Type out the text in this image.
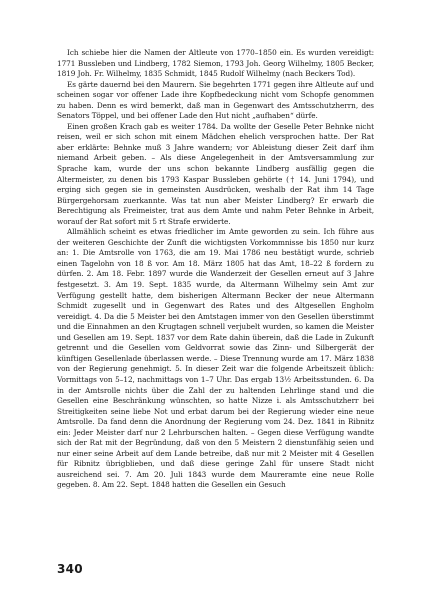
Ich schiebe hier die Namen der Altleute von 1770–1850 ein. Es wurden vereidigt: 1771 Bussleben und Lindberg, 1782 Siemon, 1793 Joh. Georg Wilhelmy, 1805 Becker, 1819 Joh. Fr. Wilhelmy, 1835 Schmidt, 1845 Rudolf Wilhelmy (nach Beckers Tod).

Es gärte dauernd bei den Maurern. Sie begehrten 1771 gegen ihre Altleute auf und scheinen sogar vor offener Lade ihre Kopfbedeckung nicht vom Schopfe genommen zu haben. Denn es wird bemerkt, daß man in Gegenwart des Amtsschutzherrn, des Senators Töppel, und bei offener Lade den Hut nicht „aufhaben“ dürfe.

Einen großen Krach gab es weiter 1784. Da wollte der Geselle Peter Behnke nicht reisen, weil er sich schon mit einem Mädchen ehelich versprochen hatte. Der Rat aber erklärte: Behnke muß 3 Jahre wandern; vor Ableistung dieser Zeit darf ihm niemand Arbeit geben. – Als diese Angelegenheit in der Amtsversammlung zur Sprache kam, wurde der uns schon bekannte Lindberg ausfällig gegen die Altermeister, zu denen bis 1793 Kaspar Bussleben gehörte († 14. Juni 1794), und erging sich gegen sie in gemeinsten Ausdrücken, weshalb der Rat ihm 14 Tage Bürgergehorsam zuerkannte. Was tat nun aber Meister Lindberg? Er erwarb die Berechtigung als Freimeister, trat aus dem Amte und nahm Peter Behnke in Arbeit, worauf der Rat sofort mit 5 rt Strafe erwiderte.

Allmählich scheint es etwas friedlicher im Amte geworden zu sein. Ich führe aus der weiteren Geschichte der Zunft die wichtigsten Vorkommnisse bis 1850 nur kurz an: 1. Die Amtsrolle von 1763, die am 19. Mai 1786 neu bestätigt wurde, schrieb einen Tagelohn von 18 ß vor. Am 18. März 1805 hat das Amt, 18–22 ß fordern zu dürfen. 2. Am 18. Febr. 1897 wurde die Wanderzeit der Gesellen erneut auf 3 Jahre festgesetzt. 3. Am 19. Sept. 1835 wurde, da Altermann Wilhelmy sein Amt zur Verfügung gestellt hatte, dem bisherigen Altermann Becker der neue Altermann Schmidt zugesellt und in Gegenwart des Rates und des Altgesellen Engholm vereidigt. 4. Da die 5 Meister bei den Amtstagen immer von den Gesellen überstimmt und die Einnahmen an den Krugtagen schnell verjubelt wurden, so kamen die Meister und Gesellen am 19. Sept. 1837 vor dem Rate dahin überein, daß die Lade in Zukunft getrennt und die Gesellen vom Geldvorrat sowie das Zinn- und Silbergerät der künftigen Gesellenlade überlassen werde. – Diese Trennung wurde am 17. März 1838 von der Regierung genehmigt. 5. In dieser Zeit war die folgende Arbeitszeit üblich: Vormittags von 5–12, nachmittags von 1–7 Uhr. Das ergab 13½ Arbeitsstunden. 6. Da in der Amtsrolle nichts über die Zahl der zu haltenden Lehrlinge stand und die Gesellen eine Beschränkung wünschten, so hatte Nizze i. als Amtsschutzherr bei Streitigkeiten seine liebe Not und erbat darum bei der Regierung wieder eine neue Amtsrolle. Da fand denn die Anordnung der Regierung vom 24. Dez. 1841 in Ribnitz ein: Jeder Meister darf nur 2 Lehrburschen halten. – Gegen diese Verfügung wandte sich der Rat mit der Begründung, daß von den 5 Meistern 2 dienstunfähig seien und nur einer seine Arbeit auf dem Lande betreibe, daß nur mit 2 Meister mit 4 Gesellen für Ribnitz übrigblieben, und daß diese geringe Zahl für unsere Stadt nicht ausreichend sei. 7. Am 20. Juli 1843 wurde dem Maureramte eine neue Rolle gegeben. 8. Am 22. Sept. 1848 hatten die Gesellen ein Gesuch

340
